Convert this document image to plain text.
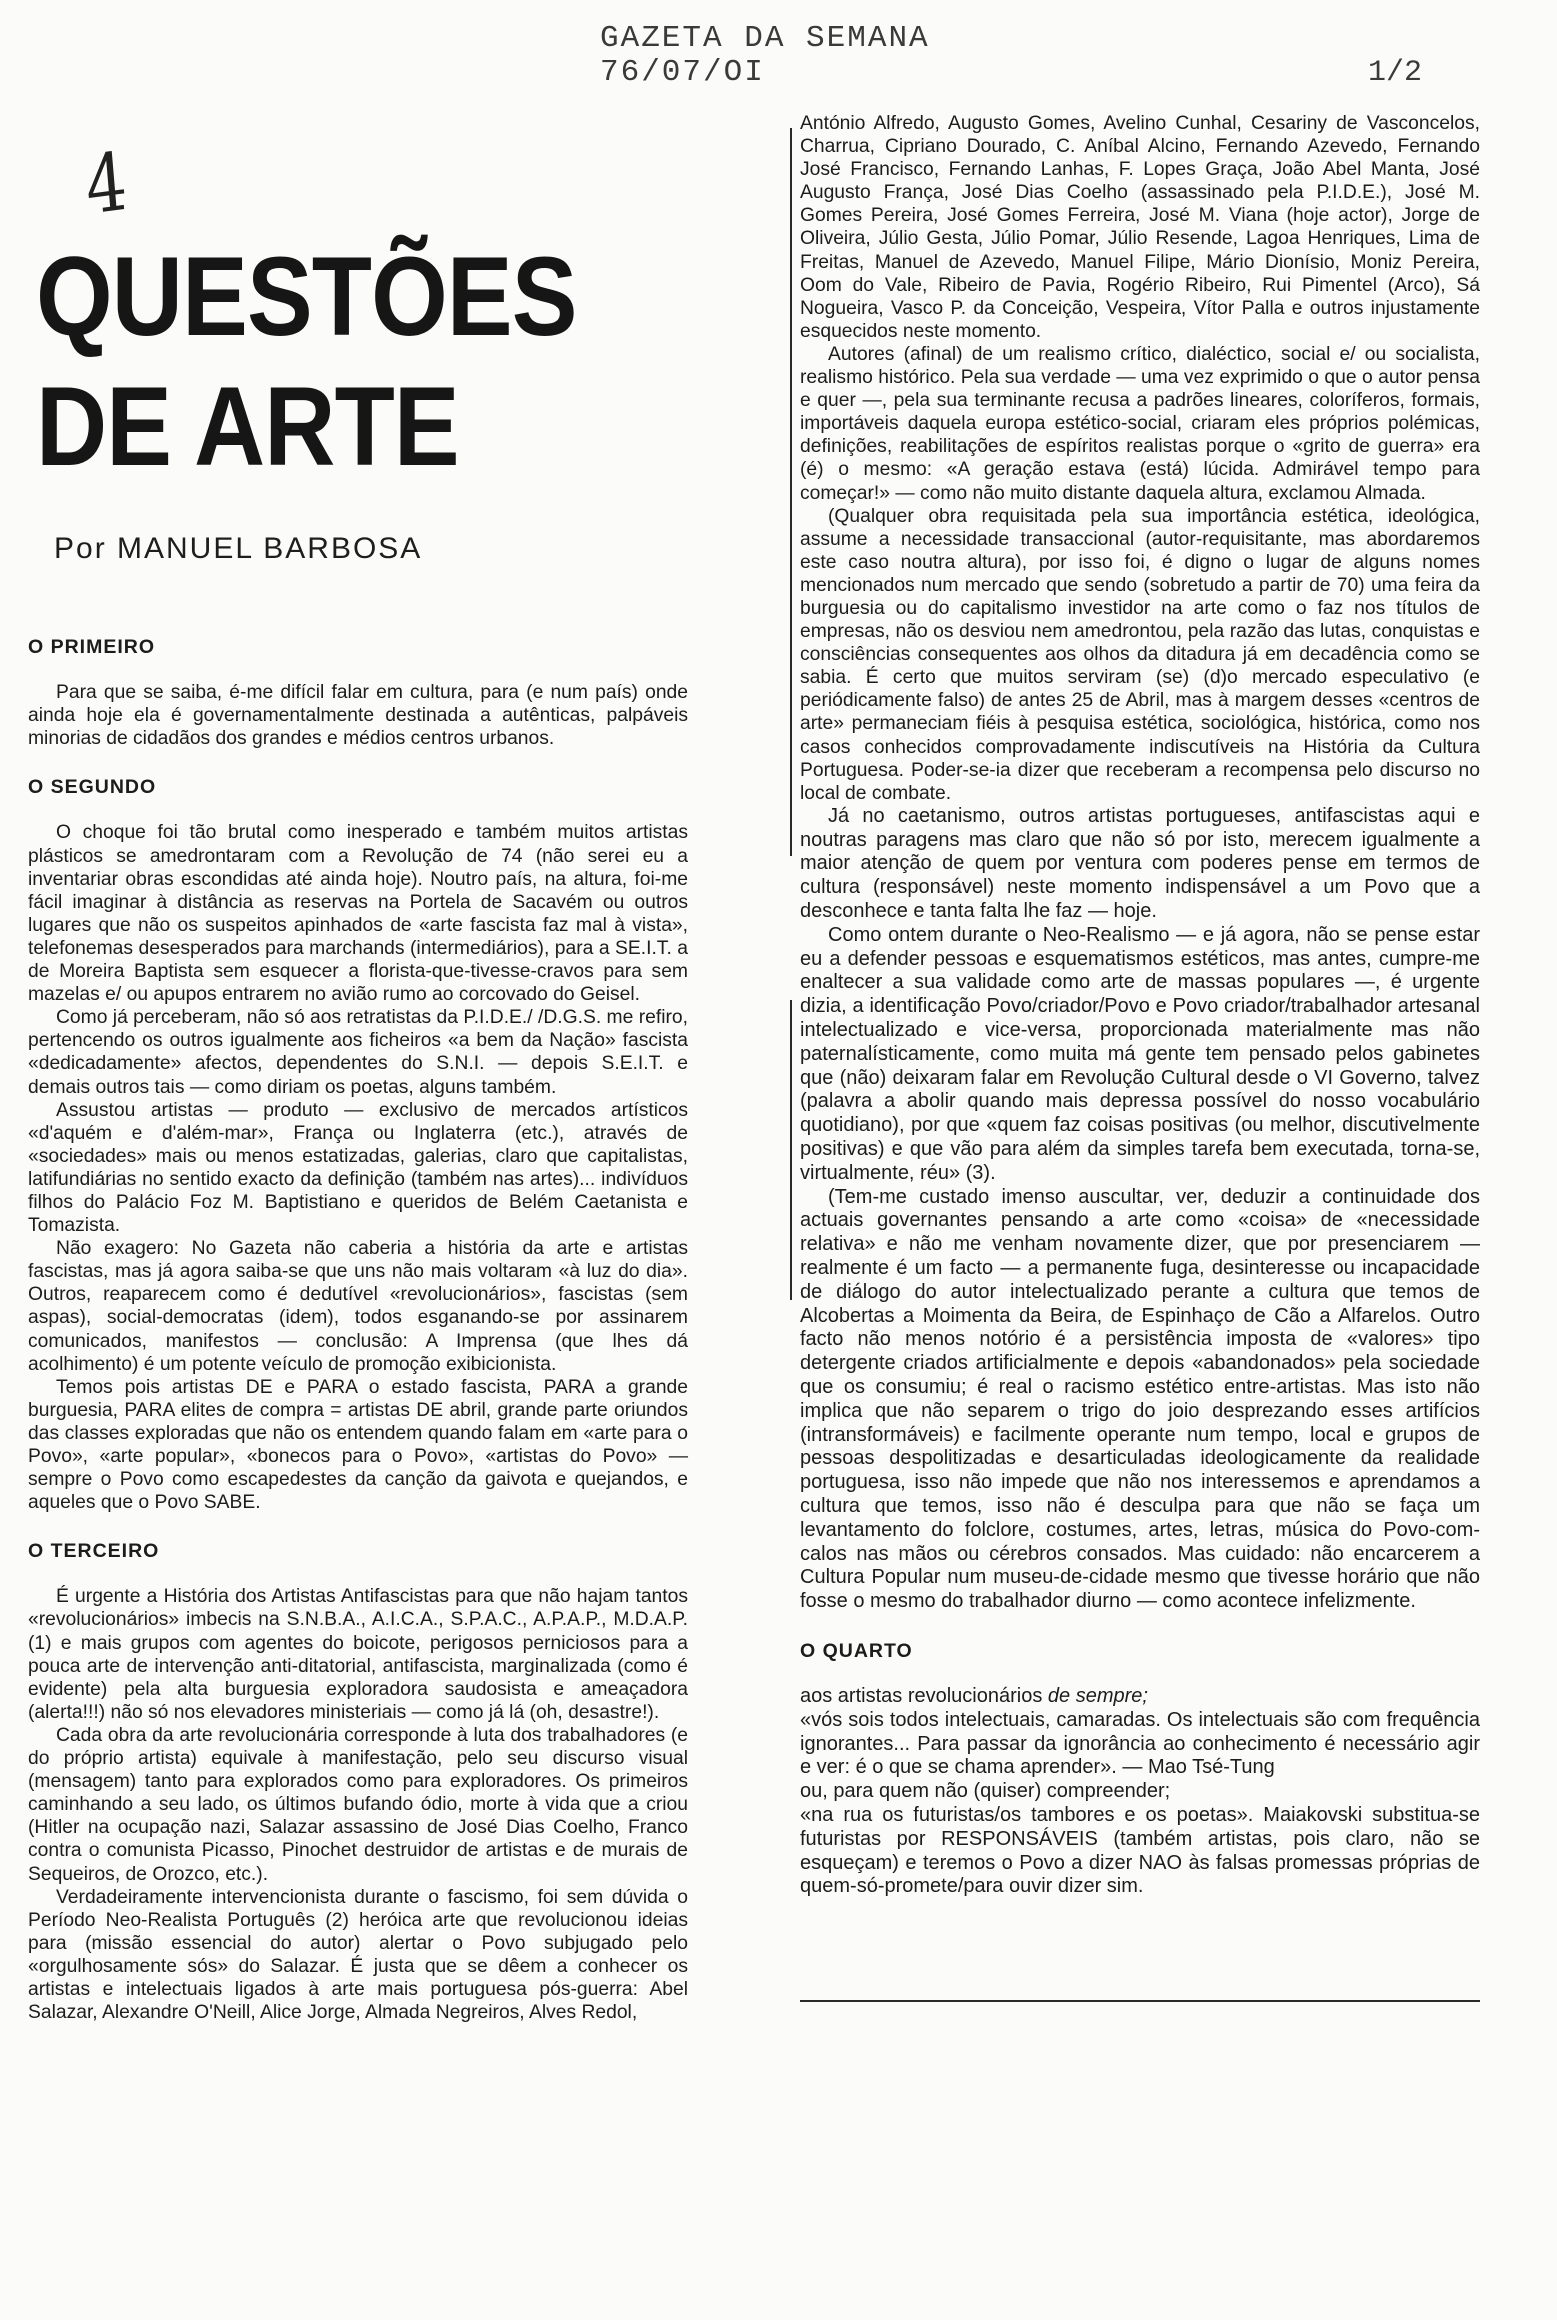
GAZETA DA SEMANA
76/07/OI	1/2
4
QUESTÕES
DE ARTE
Por MANUEL BARBOSA
O PRIMEIRO

Para que se saiba, é-me difícil falar em cultura, para (e num país) onde ainda hoje ela é governamentalmente destinada a autênticas, palpáveis minorias de cidadãos dos grandes e médios centros urbanos.

O SEGUNDO

O choque foi tão brutal como inesperado e também muitos artistas plásticos se amedrontaram com a Revolução de 74 (não serei eu a inventariar obras escondidas até ainda hoje). Noutro país, na altura, foi-me fácil imaginar à distância as reservas na Portela de Sacavém ou outros lugares que não os suspeitos apinhados de «arte fascista faz mal à vista», telefonemas desesperados para marchands (intermediários), para a SE.I.T. a de Moreira Baptista sem esquecer a florista-que-tivesse-cravos para sem mazelas e/ ou apupos entrarem no avião rumo ao corcovado do Geisel.

Como já perceberam, não só aos retratistas da P.I.D.E./ /D.G.S. me refiro, pertencendo os outros igualmente aos ficheiros «a bem da Nação» fascista «dedicadamente» afectos, dependentes do S.N.I. — depois S.E.I.T. e demais outros tais — como diriam os poetas, alguns também.

Assustou artistas — produto — exclusivo de mercados artísticos «d'aquém e d'além-mar», França ou Inglaterra (etc.), através de «sociedades» mais ou menos estatizadas, galerias, claro que capitalistas, latifundiárias no sentido exacto da definição (também nas artes)... indivíduos filhos do Palácio Foz M. Baptistiano e queridos de Belém Caetanista e Tomazista.

Não exagero: No Gazeta não caberia a história da arte e artistas fascistas, mas já agora saiba-se que uns não mais voltaram «à luz do dia». Outros, reaparecem como é dedutível «revolucionários», fascistas (sem aspas), social-democratas (idem), todos esganando-se por assinarem comunicados, manifestos — conclusão: A Imprensa (que lhes dá acolhimento) é um potente veículo de promoção exibicionista.

Temos pois artistas DE e PARA o estado fascista, PARA a grande burguesia, PARA elites de compra = artistas DE abril, grande parte oriundos das classes exploradas que não os entendem quando falam em «arte para o Povo», «arte popular», «bonecos para o Povo», «artistas do Povo» — sempre o Povo como escapedestes da canção da gaivota e quejandos, e aqueles que o Povo SABE.

O TERCEIRO

É urgente a História dos Artistas Antifascistas para que não hajam tantos «revolucionários» imbecis na S.N.B.A., A.I.C.A., S.P.A.C., A.P.A.P., M.D.A.P. (1) e mais grupos com agentes do boicote, perigosos perniciosos para a pouca arte de intervenção anti-ditatorial, antifascista, marginalizada (como é evidente) pela alta burguesia exploradora saudosista e ameaçadora (alerta!!!) não só nos elevadores ministeriais — como já lá (oh, desastre!).

Cada obra da arte revolucionária corresponde à luta dos trabalhadores (e do próprio artista) equivale à manifestação, pelo seu discurso visual (mensagem) tanto para explorados como para exploradores. Os primeiros caminhando a seu lado, os últimos bufando ódio, morte à vida que a criou (Hitler na ocupação nazi, Salazar assassino de José Dias Coelho, Franco contra o comunista Picasso, Pinochet destruidor de artistas e de murais de Sequeiros, de Orozco, etc.).

Verdadeiramente intervencionista durante o fascismo, foi sem dúvida o Período Neo-Realista Português (2) heróica arte que revolucionou ideias para (missão essencial do autor) alertar o Povo subjugado pelo «orgulhosamente sós» do Salazar. É justa que se dêem a conhecer os artistas e intelectuais ligados à arte mais portuguesa pós-guerra: Abel Salazar, Alexandre O'Neill, Alice Jorge, Almada Negreiros, Alves Redol,

António Alfredo, Augusto Gomes, Avelino Cunhal, Cesariny de Vasconcelos, Charrua, Cipriano Dourado, C. Aníbal Alcino, Fernando Azevedo, Fernando José Francisco, Fernando Lanhas, F. Lopes Graça, João Abel Manta, José Augusto França, José Dias Coelho (assassinado pela P.I.D.E.), José M. Gomes Pereira, José Gomes Ferreira, José M. Viana (hoje actor), Jorge de Oliveira, Júlio Gesta, Júlio Pomar, Júlio Resende, Lagoa Henriques, Lima de Freitas, Manuel de Azevedo, Manuel Filipe, Mário Dionísio, Moniz Pereira, Oom do Vale, Ribeiro de Pavia, Rogério Ribeiro, Rui Pimentel (Arco), Sá Nogueira, Vasco P. da Conceição, Vespeira, Vítor Palla e outros injustamente esquecidos neste momento.

Autores (afinal) de um realismo crítico, dialéctico, social e/ ou socialista, realismo histórico. Pela sua verdade — uma vez exprimido o que o autor pensa e quer —, pela sua terminante recusa a padrões lineares, coloríferos, formais, importáveis daquela europa estético-social, criaram eles próprios polémicas, definições, reabilitações de espíritos realistas porque o «grito de guerra» era (é) o mesmo: «A geração estava (está) lúcida. Admirável tempo para começar!» — como não muito distante daquela altura, exclamou Almada.

(Qualquer obra requisitada pela sua importância estética, ideológica, assume a necessidade transaccional (autor-requisitante, mas abordaremos este caso noutra altura), por isso foi, é digno o lugar de alguns nomes mencionados num mercado que sendo (sobretudo a partir de 70) uma feira da burguesia ou do capitalismo investidor na arte como o faz nos títulos de empresas, não os desviou nem amedrontou, pela razão das lutas, conquistas e consciências consequentes aos olhos da ditadura já em decadência como se sabia. É certo que muitos serviram (se) (d)o mercado especulativo (e periódicamente falso) de antes 25 de Abril, mas à margem desses «centros de arte» permaneciam fiéis à pesquisa estética, sociológica, histórica, como nos casos conhecidos comprovadamente indiscutíveis na História da Cultura Portuguesa. Poder-se-ia dizer que receberam a recompensa pelo discurso no local de combate.

Já no caetanismo, outros artistas portugueses, antifascistas aqui e noutras paragens mas claro que não só por isto, merecem igualmente a maior atenção de quem por ventura com poderes pense em termos de cultura (responsável) neste momento indispensável a um Povo que a desconhece e tanta falta lhe faz — hoje.

Como ontem durante o Neo-Realismo — e já agora, não se pense estar eu a defender pessoas e esquematismos estéticos, mas antes, cumpre-me enaltecer a sua validade como arte de massas populares —, é urgente dizia, a identificação Povo/criador/Povo e Povo criador/trabalhador artesanal intelectualizado e vice-versa, proporcionada materialmente mas não paternalísticamente, como muita má gente tem pensado pelos gabinetes que (não) deixaram falar em Revolução Cultural desde o VI Governo, talvez (palavra a abolir quando mais depressa possível do nosso vocabulário quotidiano), por que «quem faz coisas positivas (ou melhor, discutivelmente positivas) e que vão para além da simples tarefa bem executada, torna-se, virtualmente, réu» (3).

(Tem-me custado imenso auscultar, ver, deduzir a continuidade dos actuais governantes pensando a arte como «coisa» de «necessidade relativa» e não me venham novamente dizer, que por presenciarem — realmente é um facto — a permanente fuga, desinteresse ou incapacidade de diálogo do autor intelectualizado perante a cultura que temos de Alcobertas a Moimenta da Beira, de Espinhaço de Cão a Alfarelos. Outro facto não menos notório é a persistência imposta de «valores» tipo detergente criados artificialmente e depois «abandonados» pela sociedade que os consumiu; é real o racismo estético entre-artistas. Mas isto não implica que não separem o trigo do joio desprezando esses artifícios (intransformáveis) e facilmente operante num tempo, local e grupos de pessoas despolitizadas e desarticuladas ideologicamente da realidade portuguesa, isso não impede que não nos interessemos e aprendamos a cultura que temos, isso não é desculpa para que não se faça um levantamento do folclore, costumes, artes, letras, música do Povo-com-calos nas mãos ou cérebros consados. Mas cuidado: não encarcerem a Cultura Popular num museu-de-cidade mesmo que tivesse horário que não fosse o mesmo do trabalhador diurno — como acontece infelizmente.

O QUARTO

aos artistas revolucionários de sempre;

«vós sois todos intelectuais, camaradas. Os intelectuais são com frequência ignorantes... Para passar da ignorância ao conhecimento é necessário agir e ver: é o que se chama aprender». — Mao Tsé-Tung

ou, para quem não (quiser) compreender;

«na rua os futuristas/os tambores e os poetas». Maiakovski substitua-se futuristas por RESPONSÁVEIS (também artistas, pois claro, não se esqueçam) e teremos o Povo a dizer NAO às falsas promessas próprias de quem-só-promete/para ouvir dizer sim.
